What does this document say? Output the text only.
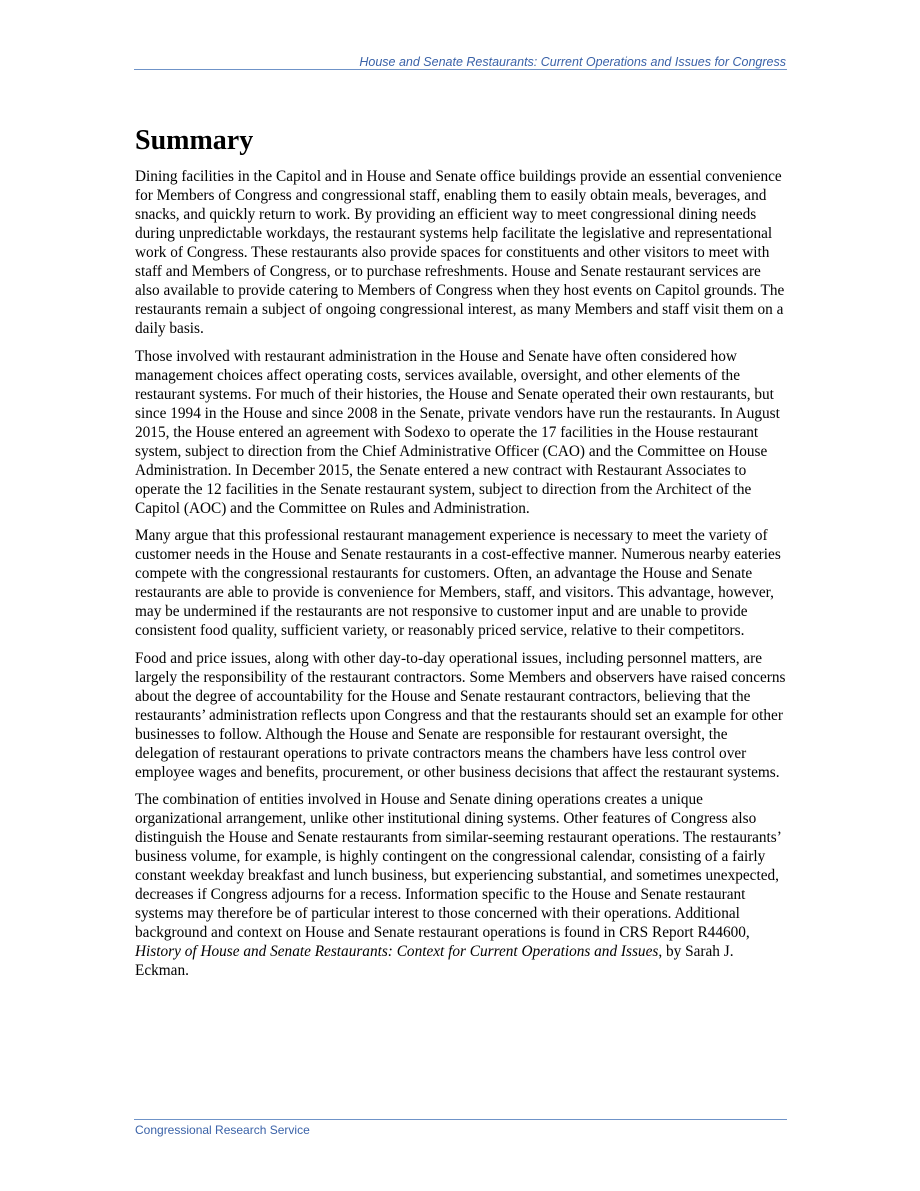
House and Senate Restaurants: Current Operations and Issues for Congress
Summary

Dining facilities in the Capitol and in House and Senate office buildings provide an essential convenience for Members of Congress and congressional staff, enabling them to easily obtain meals, beverages, and snacks, and quickly return to work. By providing an efficient way to meet congressional dining needs during unpredictable workdays, the restaurant systems help facilitate the legislative and representational work of Congress. These restaurants also provide spaces for constituents and other visitors to meet with staff and Members of Congress, or to purchase refreshments. House and Senate restaurant services are also available to provide catering to Members of Congress when they host events on Capitol grounds. The restaurants remain a subject of ongoing congressional interest, as many Members and staff visit them on a daily basis.

Those involved with restaurant administration in the House and Senate have often considered how management choices affect operating costs, services available, oversight, and other elements of the restaurant systems. For much of their histories, the House and Senate operated their own restaurants, but since 1994 in the House and since 2008 in the Senate, private vendors have run the restaurants. In August 2015, the House entered an agreement with Sodexo to operate the 17 facilities in the House restaurant system, subject to direction from the Chief Administrative Officer (CAO) and the Committee on House Administration. In December 2015, the Senate entered a new contract with Restaurant Associates to operate the 12 facilities in the Senate restaurant system, subject to direction from the Architect of the Capitol (AOC) and the Committee on Rules and Administration.

Many argue that this professional restaurant management experience is necessary to meet the variety of customer needs in the House and Senate restaurants in a cost-effective manner. Numerous nearby eateries compete with the congressional restaurants for customers. Often, an advantage the House and Senate restaurants are able to provide is convenience for Members, staff, and visitors. This advantage, however, may be undermined if the restaurants are not responsive to customer input and are unable to provide consistent food quality, sufficient variety, or reasonably priced service, relative to their competitors.

Food and price issues, along with other day-to-day operational issues, including personnel matters, are largely the responsibility of the restaurant contractors. Some Members and observers have raised concerns about the degree of accountability for the House and Senate restaurant contractors, believing that the restaurants’ administration reflects upon Congress and that the restaurants should set an example for other businesses to follow. Although the House and Senate are responsible for restaurant oversight, the delegation of restaurant operations to private contractors means the chambers have less control over employee wages and benefits, procurement, or other business decisions that affect the restaurant systems.

The combination of entities involved in House and Senate dining operations creates a unique organizational arrangement, unlike other institutional dining systems. Other features of Congress also distinguish the House and Senate restaurants from similar-seeming restaurant operations. The restaurants’ business volume, for example, is highly contingent on the congressional calendar, consisting of a fairly constant weekday breakfast and lunch business, but experiencing substantial, and sometimes unexpected, decreases if Congress adjourns for a recess. Information specific to the House and Senate restaurant systems may therefore be of particular interest to those concerned with their operations. Additional background and context on House and Senate restaurant operations is found in CRS Report R44600, History of House and Senate Restaurants: Context for Current Operations and Issues, by Sarah J. Eckman.

Congressional Research Service
